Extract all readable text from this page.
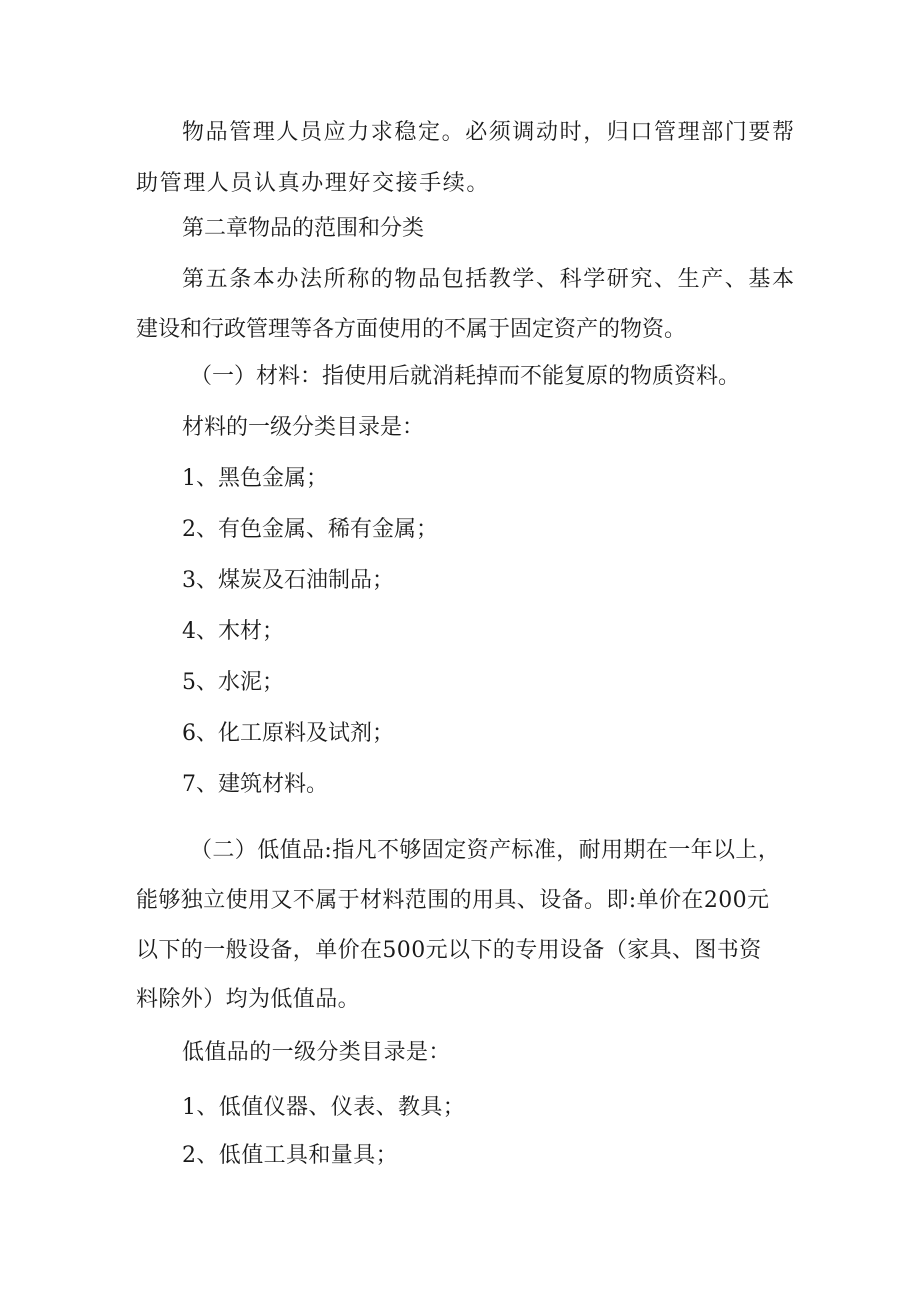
物品管理人员应力求稳定。必须调动时，归口管理部门要帮

助管理人员认真办理好交接手续。

第二章物品的范围和分类

第五条本办法所称的物品包括教学、科学研究、生产、基本

建设和行政管理等各方面使用的不属于固定资产的物资。

（一）材料：指使用后就消耗掉而不能复原的物质资料。

材料的一级分类目录是：

1、黑色金属；

2、有色金属、稀有金属；

3、煤炭及石油制品；

4、木材；

5、水泥；

6、化工原料及试剂；

7、建筑材料。

（二）低值品:指凡不够固定资产标准，耐用期在一年以上，

能够独立使用又不属于材料范围的用具、设备。即:单价在200元

以下的一般设备，单价在500元以下的专用设备（家具、图书资

料除外）均为低值品。

低值品的一级分类目录是：

1、低值仪器、仪表、教具；

2、低值工具和量具；
